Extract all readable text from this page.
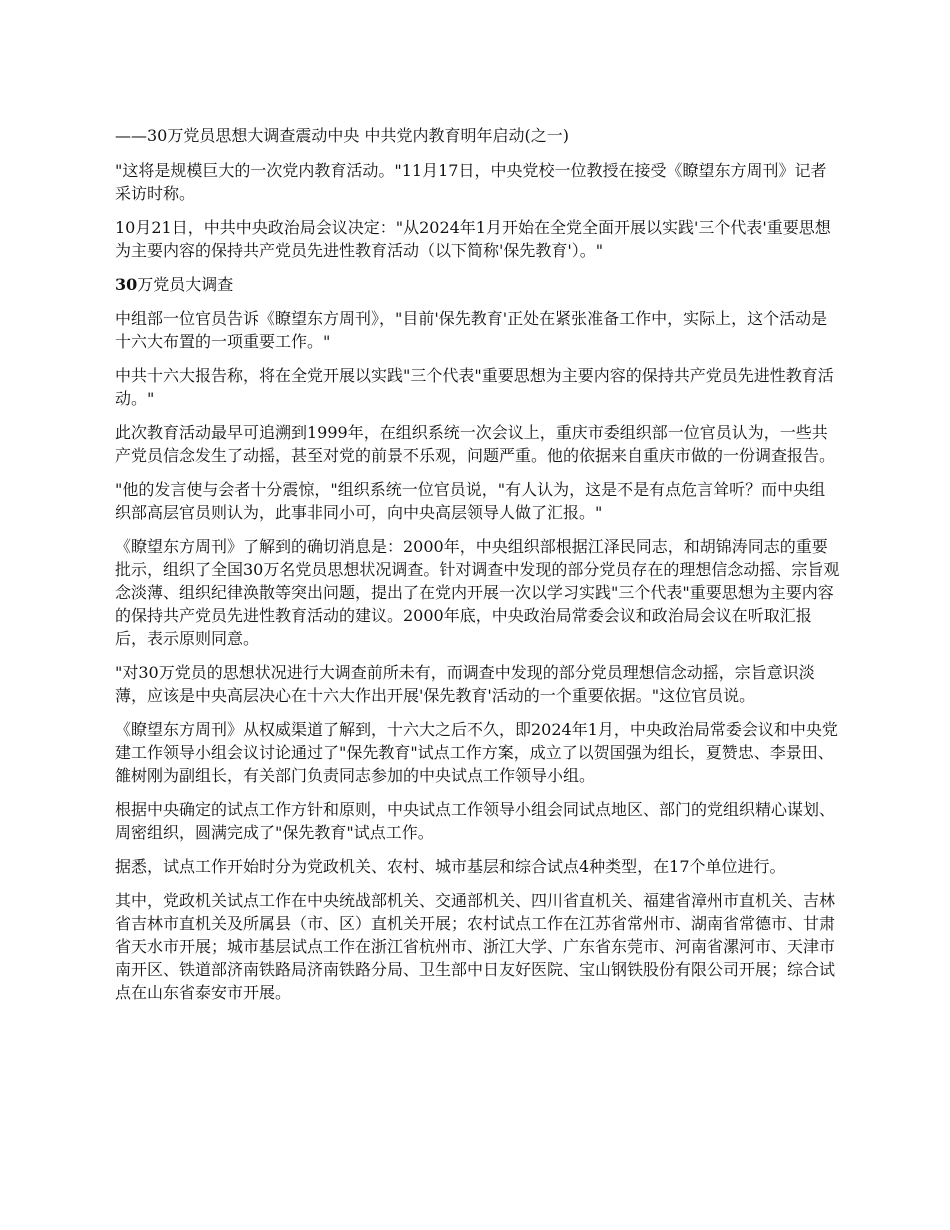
——30万党员思想大调查震动中央 中共党内教育明年启动(之一)

"这将是规模巨大的一次党内教育活动。"11月17日，中央党校一位教授在接受《瞭望东方周刊》记者采访时称。

10月21日，中共中央政治局会议决定："从2024年1月开始在全党全面开展以实践'三个代表'重要思想为主要内容的保持共产党员先进性教育活动（以下简称'保先教育'）。"

30万党员大调查

中组部一位官员告诉《瞭望东方周刊》，"目前'保先教育'正处在紧张准备工作中，实际上，这个活动是十六大布置的一项重要工作。"

中共十六大报告称，将在全党开展以实践"三个代表"重要思想为主要内容的保持共产党员先进性教育活动。"

此次教育活动最早可追溯到1999年，在组织系统一次会议上，重庆市委组织部一位官员认为，一些共产党员信念发生了动摇，甚至对党的前景不乐观，问题严重。他的依据来自重庆市做的一份调查报告。

"他的发言使与会者十分震惊，"组织系统一位官员说，"有人认为，这是不是有点危言耸听？而中央组织部高层官员则认为，此事非同小可，向中央高层领导人做了汇报。"

《瞭望东方周刊》了解到的确切消息是：2000年，中央组织部根据江泽民同志，和胡锦涛同志的重要批示，组织了全国30万名党员思想状况调查。针对调查中发现的部分党员存在的理想信念动摇、宗旨观念淡薄、组织纪律涣散等突出问题，提出了在党内开展一次以学习实践"三个代表"重要思想为主要内容的保持共产党员先进性教育活动的建议。2000年底，中央政治局常委会议和政治局会议在听取汇报后，表示原则同意。

"对30万党员的思想状况进行大调查前所未有，而调查中发现的部分党员理想信念动摇，宗旨意识淡薄，应该是中央高层决心在十六大作出开展'保先教育'活动的一个重要依据。"这位官员说。

《瞭望东方周刊》从权威渠道了解到，十六大之后不久，即2024年1月，中央政治局常委会议和中央党建工作领导小组会议讨论通过了"保先教育"试点工作方案，成立了以贺国强为组长，夏赞忠、李景田、雒树刚为副组长，有关部门负责同志参加的中央试点工作领导小组。

根据中央确定的试点工作方针和原则，中央试点工作领导小组会同试点地区、部门的党组织精心谋划、周密组织，圆满完成了"保先教育"试点工作。

据悉，试点工作开始时分为党政机关、农村、城市基层和综合试点4种类型，在17个单位进行。

其中，党政机关试点工作在中央统战部机关、交通部机关、四川省直机关、福建省漳州市直机关、吉林省吉林市直机关及所属县（市、区）直机关开展；农村试点工作在江苏省常州市、湖南省常德市、甘肃省天水市开展；城市基层试点工作在浙江省杭州市、浙江大学、广东省东莞市、河南省漯河市、天津市南开区、铁道部济南铁路局济南铁路分局、卫生部中日友好医院、宝山钢铁股份有限公司开展；综合试点在山东省泰安市开展。
